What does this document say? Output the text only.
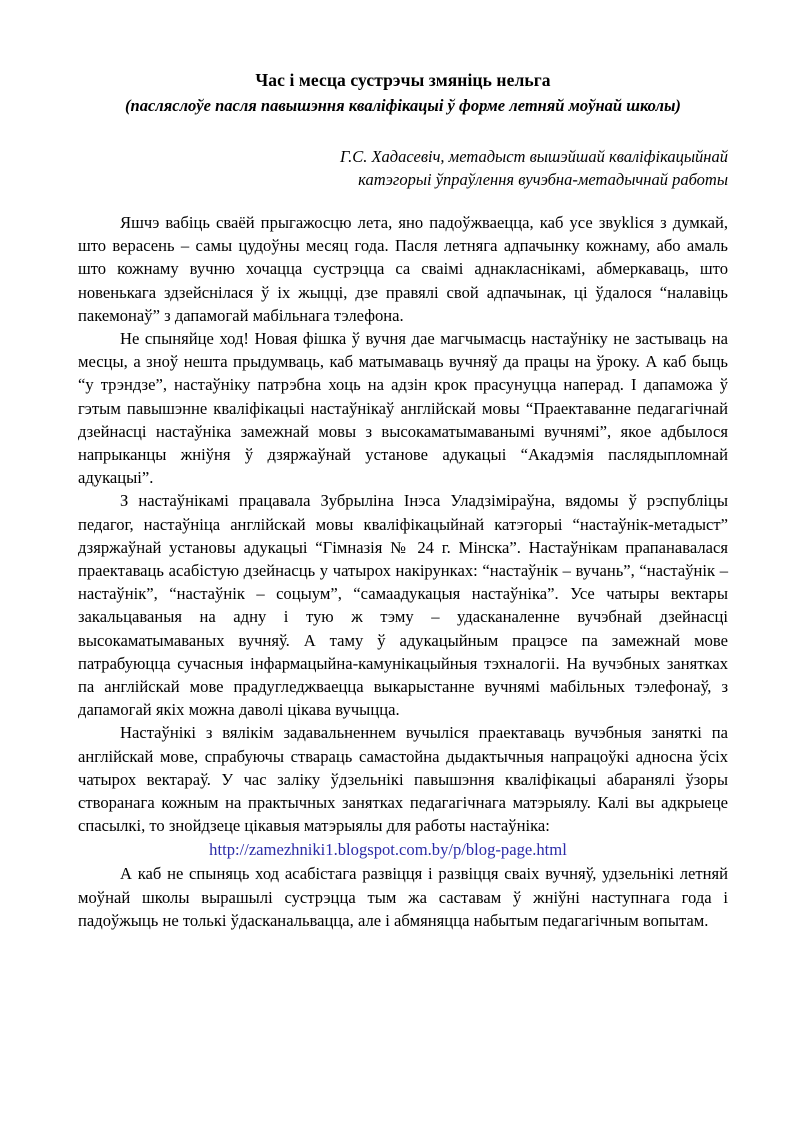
Час і месца сустрэчы змяніць нельга
(пасляслоўе пасля павышэння кваліфікацыі ў форме летняй моўнай школы)
Г.С. Хадасевіч, метадыст вышэйшай кваліфікацыйнай
катэгорыі ўпраўлення вучэбна-метадычнай работы

Яшчэ вабіць сваёй прыгажосцю лета, яно падоўжваецца, каб усе звykliся з думкай, што верасень – самы цудоўны месяц года. Пасля летняга адпачынку кожнаму, або амаль што кожнаму вучню хочацца сустрэцца са сваімі аднакласнікамі, абмеркаваць, што новенькага здзейснілася ў іх жыцці, дзе правялі свой адпачынак, ці ўдалося “налавіць пакемонаў” з дапамогай мабільнага тэлефона.

Не спыняйце ход! Новая фішка ў вучня дае магчымасць настаўніку не застываць на месцы, а зноў нешта прыдумваць, каб матымаваць вучняў да працы на ўроку. А каб быць “у трэндзе”, настаўніку патрэбна хоць на адзін крок прасунуцца наперад. І дапаможа ў гэтым павышэнне кваліфікацыі настаўнікаў англійскай мовы “Праектаванне педагагічнай дзейнасці настаўніка замежнай мовы з высокаматымаванымі вучнямі”, якое адбылося напрыканцы жніўня ў дзяржаўнай установе адукацыі “Акадэмія паслядыпломнай адукацыі”.

З настаўнікамі працавала Зубрыліна Інэса Уладзіміраўна, вядомы ў рэспубліцы педагог, настаўніца англійскай мовы кваліфікацыйнай катэгорыі “настаўнік-метадыст” дзяржаўнай установы адукацыі “Гімназія № 24 г. Мінска”. Настаўнікам прапанавалася праектаваць асабістую дзейнасць у чатырох накірунках: “настаўнік – вучань”, “настаўнік – настаўнік”, “настаўнік – соцыум”, “самаадукацыя настаўніка”. Усе чатыры вектары закальцаваныя на адну і тую ж тэму – удасканаленне вучэбнай дзейнасці высокаматымаваных вучняў. А таму ў адукацыйным працэсе па замежнай мове патрабуюцца сучасныя інфармацыйна-камунікацыйныя тэхналогіі. На вучэбных занятках па англійскай мове прадугледжваецца выкарыстанне вучнямі мабільных тэлефонаў, з дапамогай якіх можна даволі цікава вучыцца.

Настаўнікі з вялікім задавальненнем вучыліся праектаваць вучэбныя заняткі па англійскай мове, спрабуючы ствараць самастойна дыдактычныя напрацоўкі адносна ўсіх чатырох вектараў. У час заліку ўдзельнікі павышэння кваліфікацыі абаранялі ўзоры створанага кожным на практычных занятках педагагічнага матэрыялу. Калі вы адкрыеце спасылкі, то знойдзеце цікавыя матэрыялы для работы настаўніка:

http://zamezhniki1.blogspot.com.by/p/blog-page.html

А каб не спыняць ход асабістага развіцця і развіцця сваіх вучняў, удзельнікі летняй моўнай школы вырашылі сустрэцца тым жа саставам ў жніўні наступнага года і падоўжыць не толькі ўдасканальвацца, але і абмяняцца набытым педагагічным вопытам.
